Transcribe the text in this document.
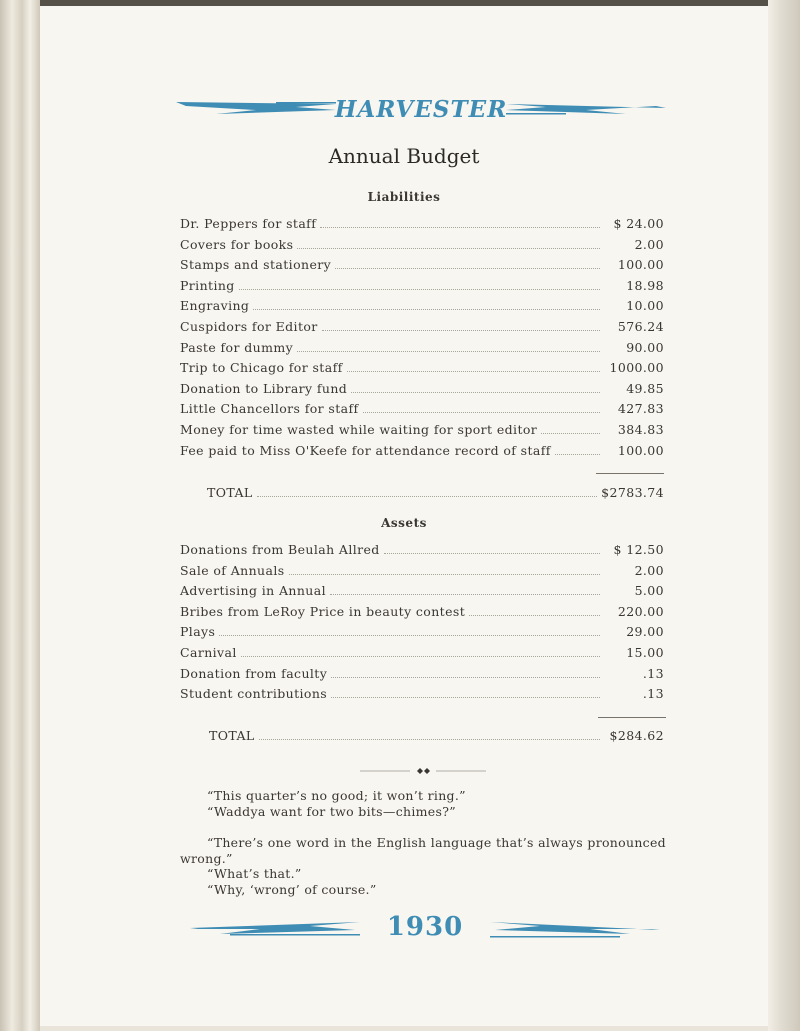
HARVESTER
Annual Budget
Liabilities
Dr. Peppers for staff	$ 24.00
Covers for books	2.00
Stamps and stationery	100.00
Printing	18.98
Engraving	10.00
Cuspidors for Editor	576.24
Paste for dummy	90.00
Trip to Chicago for staff	1000.00
Donation to Library fund	49.85
Little Chancellors for staff	427.83
Money for time wasted while waiting for sport editor	384.83
Fee paid to Miss O'Keefe for attendance record of staff	100.00
TOTAL	$2783.74
Assets
Donations from Beulah Allred	$ 12.50
Sale of Annuals	2.00
Advertising in Annual	5.00
Bribes from LeRoy Price in beauty contest	220.00
Plays	29.00
Carnival	15.00
Donation from faculty	.13
Student contributions	.13
TOTAL	$284.62

“This quarter’s no good; it won’t ring.”

“Waddya want for two bits—chimes?”

“There’s one word in the English language that’s always pronounced wrong.”

“What’s that.”

“Why, ‘wrong’ of course.”

1930
